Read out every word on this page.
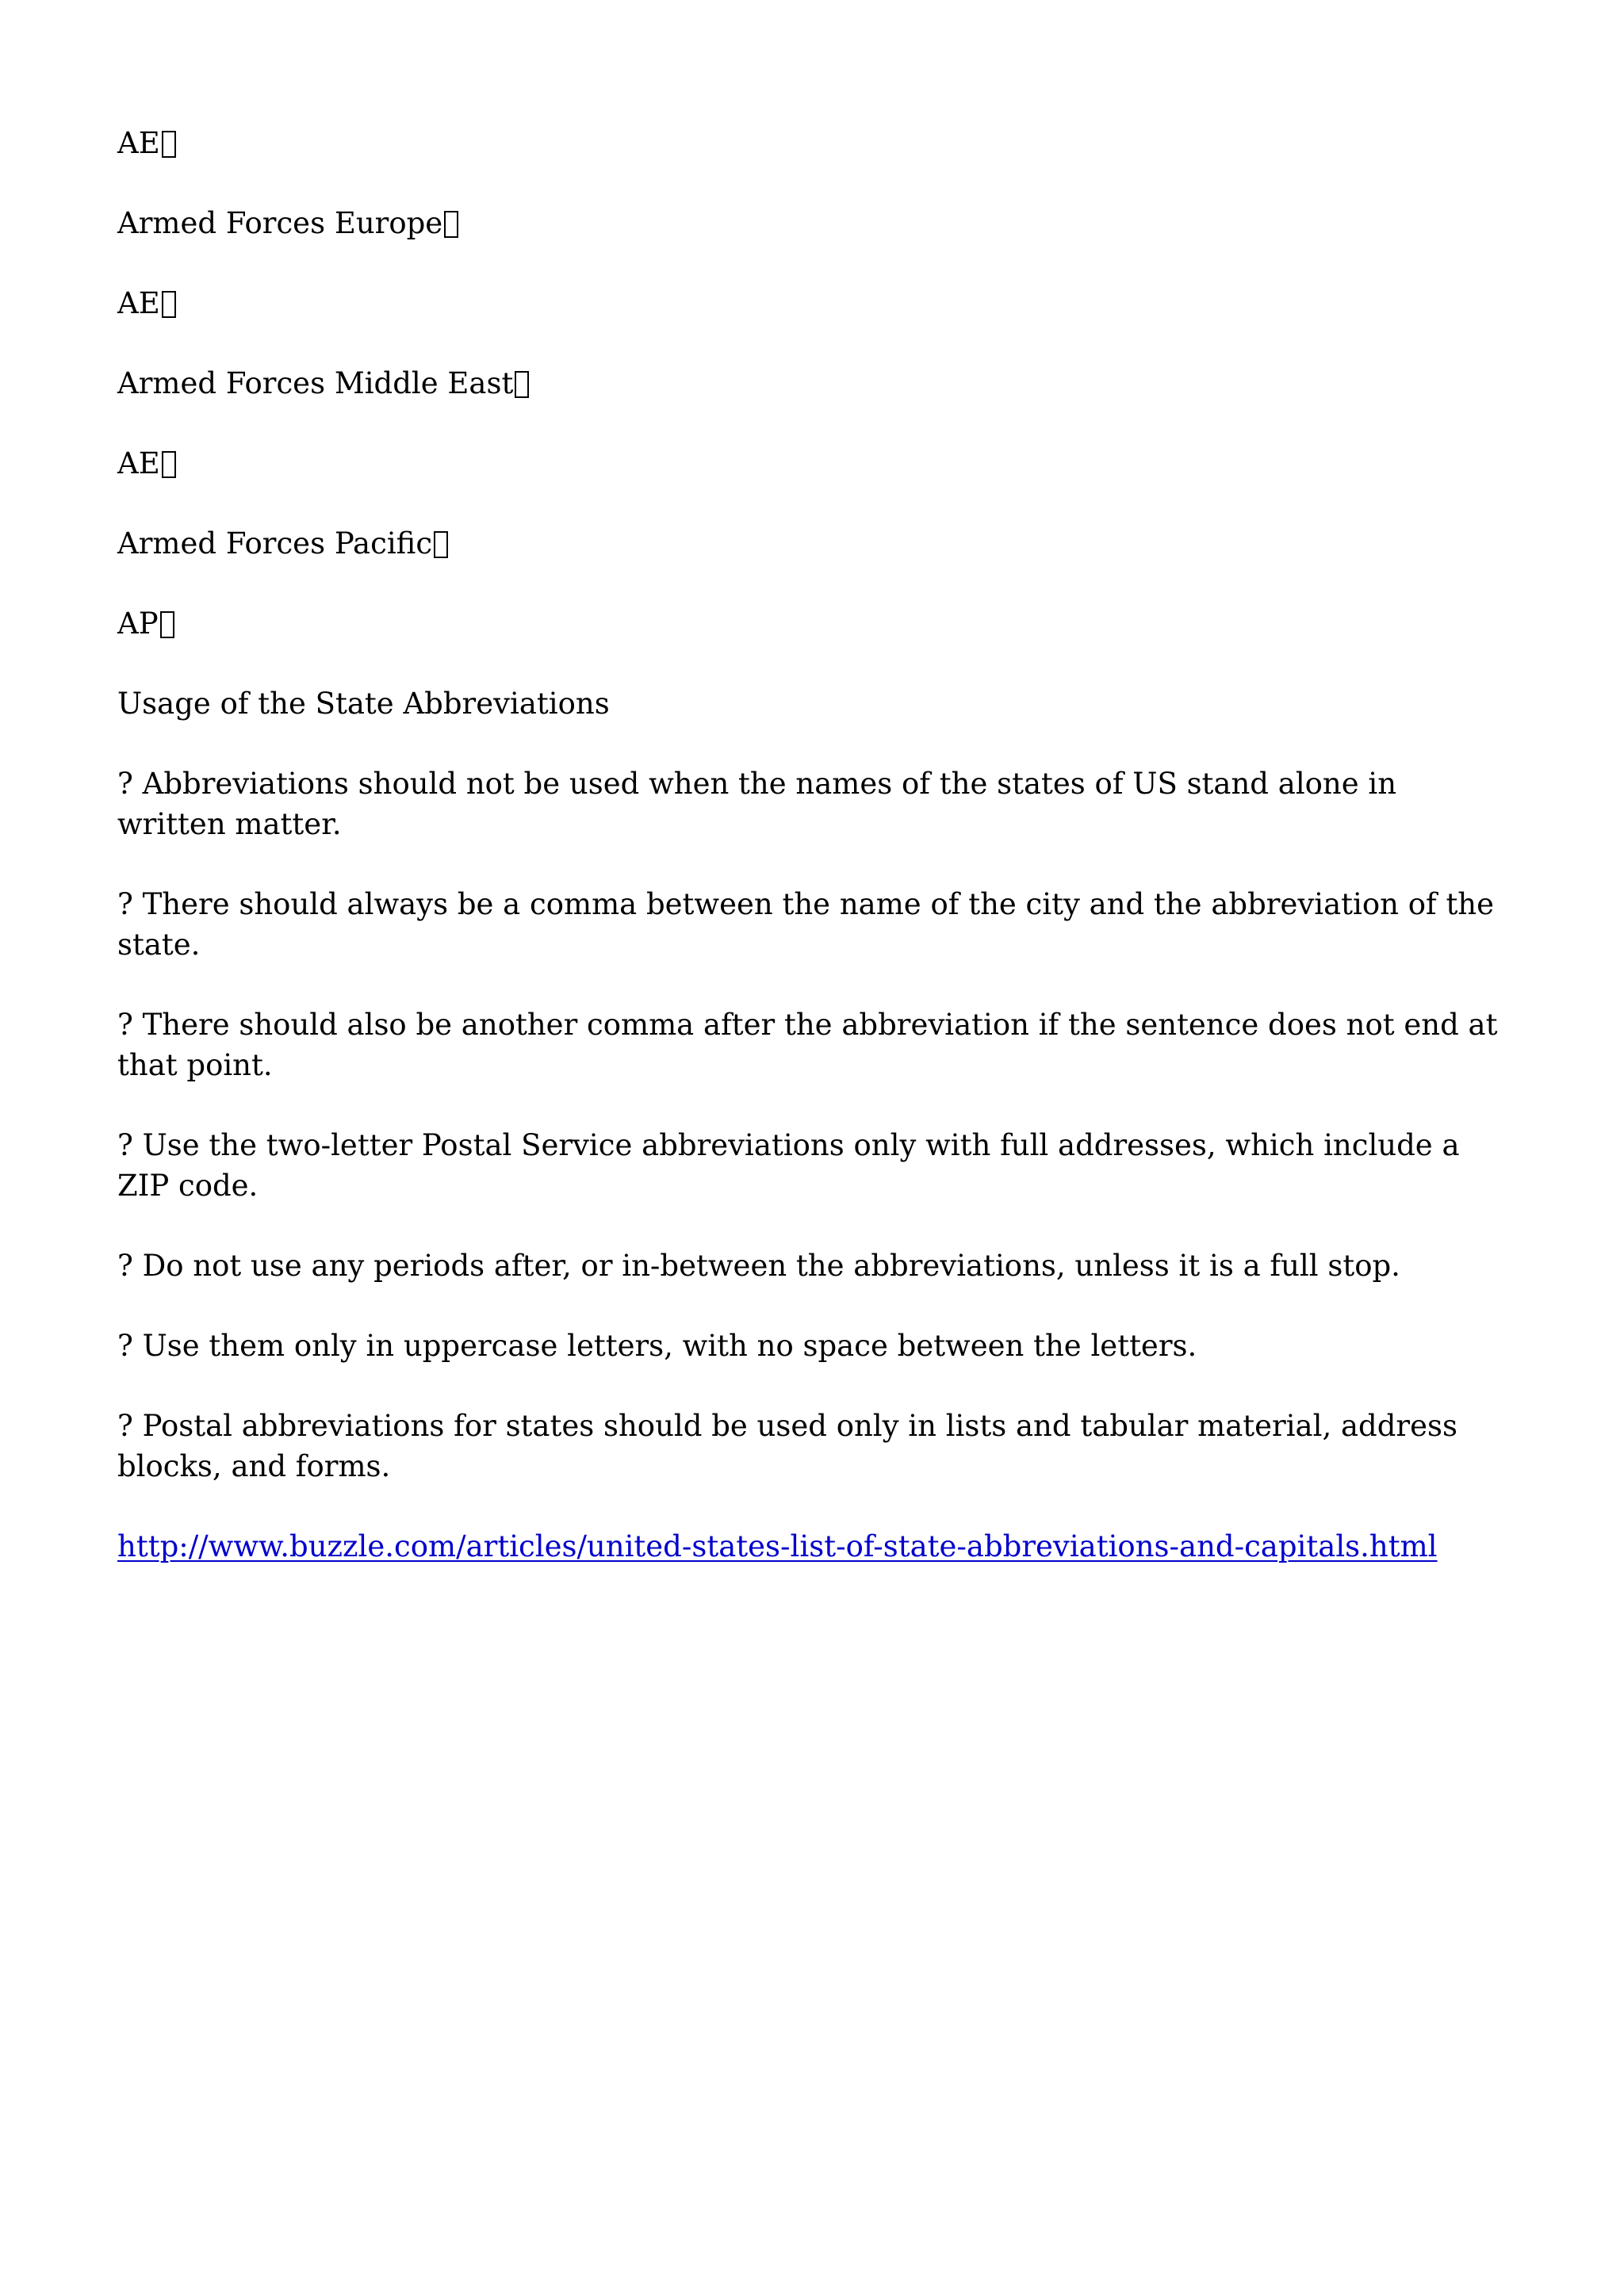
AE

Armed Forces Europe

AE

Armed Forces Middle East

AE

Armed Forces Pacific

AP

Usage of the State Abbreviations

? Abbreviations should not be used when the names of the states of US stand alone in written matter.

? There should always be a comma between the name of the city and the abbreviation of the state.

? There should also be another comma after the abbreviation if the sentence does not end at that point.

? Use the two-letter Postal Service abbreviations only with full addresses, which include a ZIP code.

? Do not use any periods after, or in-between the abbreviations, unless it is a full stop.

? Use them only in uppercase letters, with no space between the letters.

? Postal abbreviations for states should be used only in lists and tabular material, address blocks, and forms.

http://www.buzzle.com/articles/united-states-list-of-state-abbreviations-and-capitals.html
